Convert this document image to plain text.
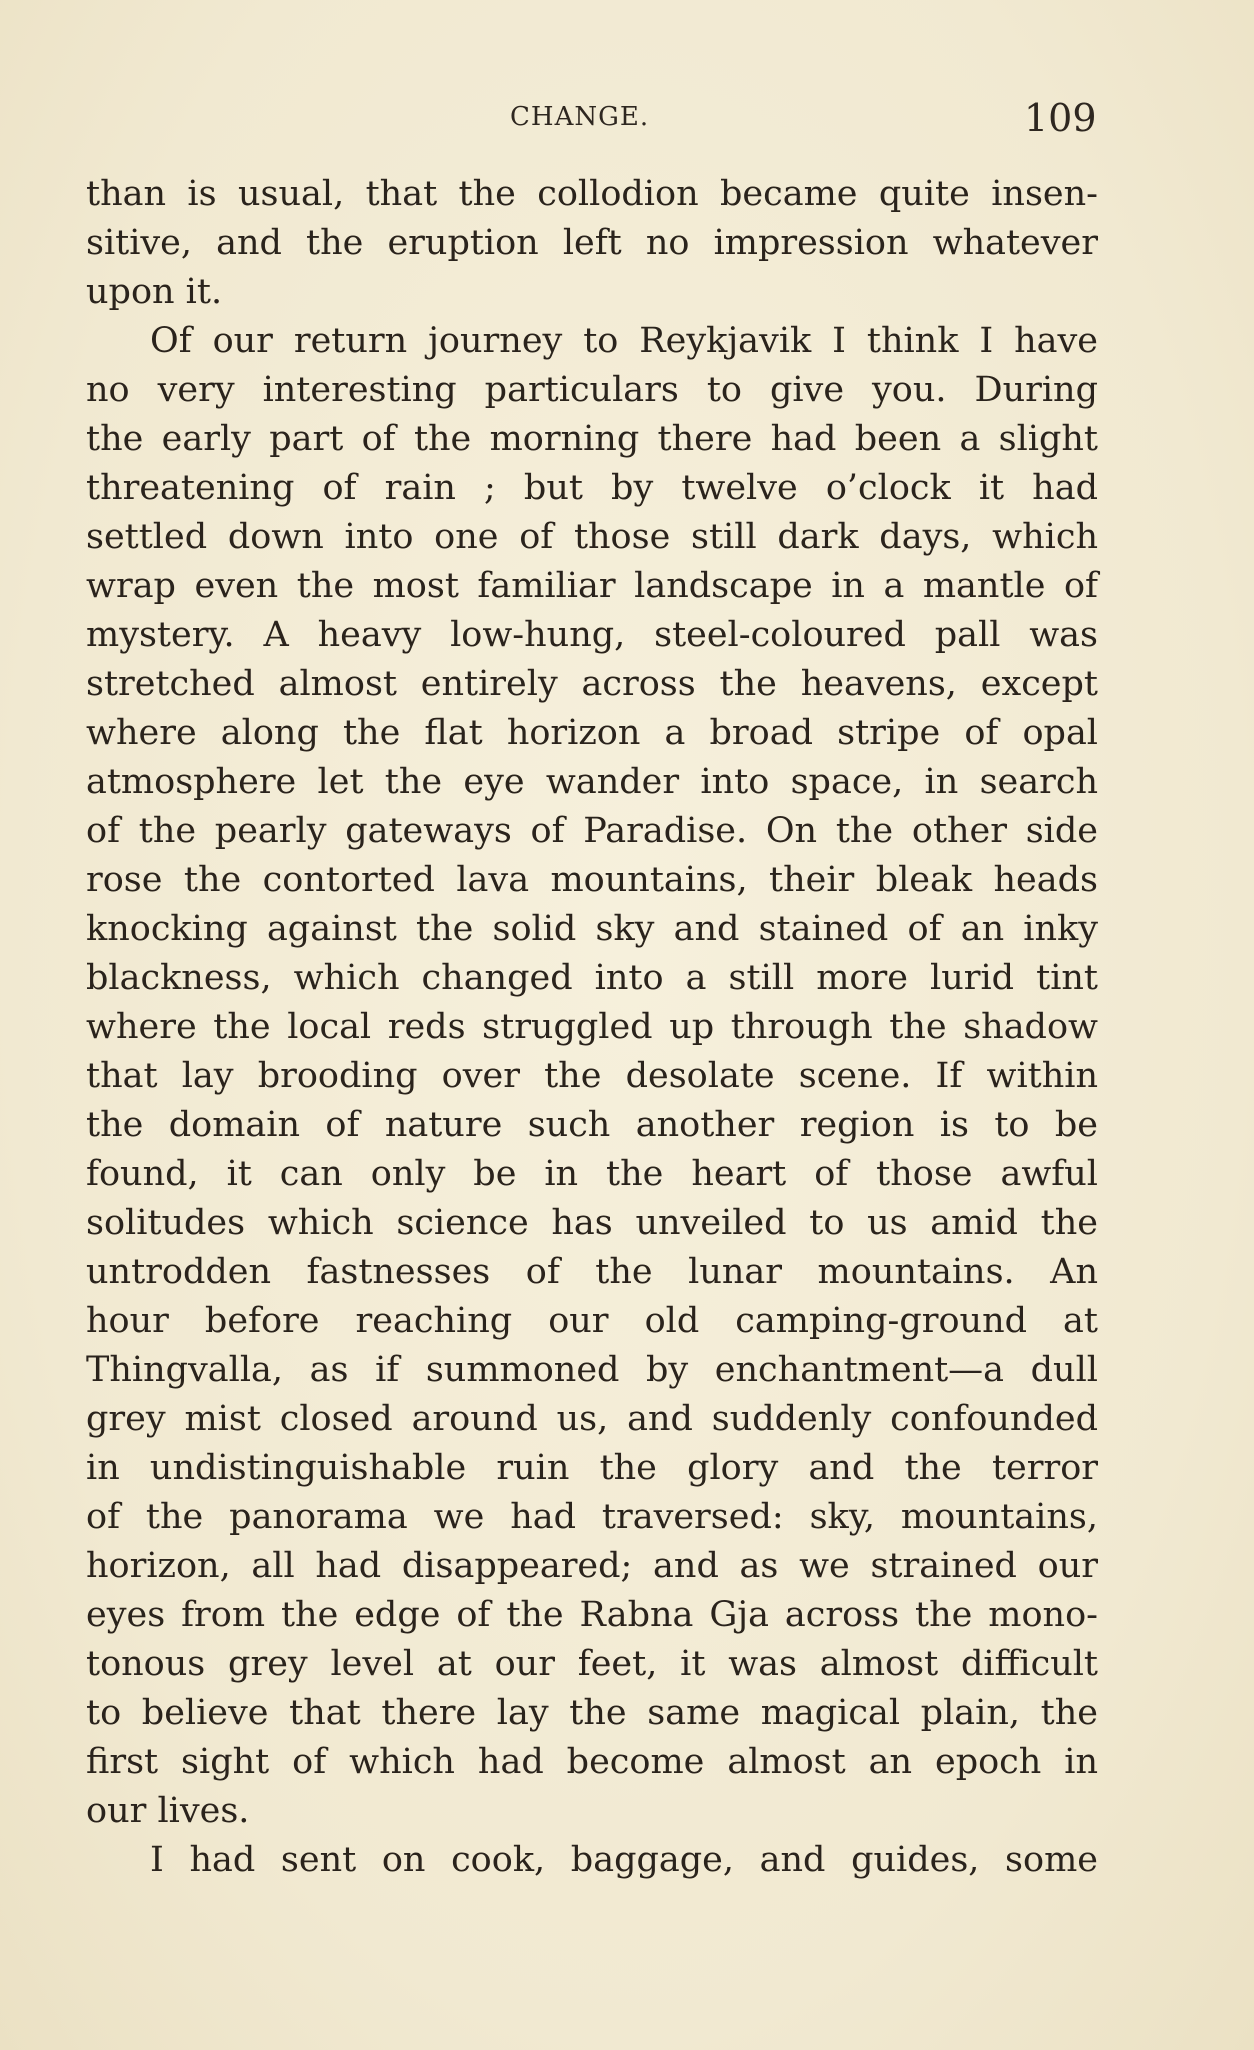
CHANGE.	109
than is usual, that the collodion became quite insen-
sitive, and the eruption left no impression whatever
upon it.
Of our return journey to Reykjavik I think I have
no very interesting particulars to give you. During
the early part of the morning there had been a slight
threatening of rain ; but by twelve o’clock it had
settled down into one of those still dark days, which
wrap even the most familiar landscape in a mantle of
mystery. A heavy low-hung, steel-coloured pall was
stretched almost entirely across the heavens, except
where along the flat horizon a broad stripe of opal
atmosphere let the eye wander into space, in search
of the pearly gateways of Paradise. On the other side
rose the contorted lava mountains, their bleak heads
knocking against the solid sky and stained of an inky
blackness, which changed into a still more lurid tint
where the local reds struggled up through the shadow
that lay brooding over the desolate scene. If within
the domain of nature such another region is to be
found, it can only be in the heart of those awful
solitudes which science has unveiled to us amid the
untrodden fastnesses of the lunar mountains. An
hour before reaching our old camping-ground at
Thingvalla, as if summoned by enchantment—a dull
grey mist closed around us, and suddenly confounded
in undistinguishable ruin the glory and the terror
of the panorama we had traversed: sky, mountains,
horizon, all had disappeared; and as we strained our
eyes from the edge of the Rabna Gja across the mono-
tonous grey level at our feet, it was almost difficult
to believe that there lay the same magical plain, the
first sight of which had become almost an epoch in
our lives.
I had sent on cook, baggage, and guides, some
